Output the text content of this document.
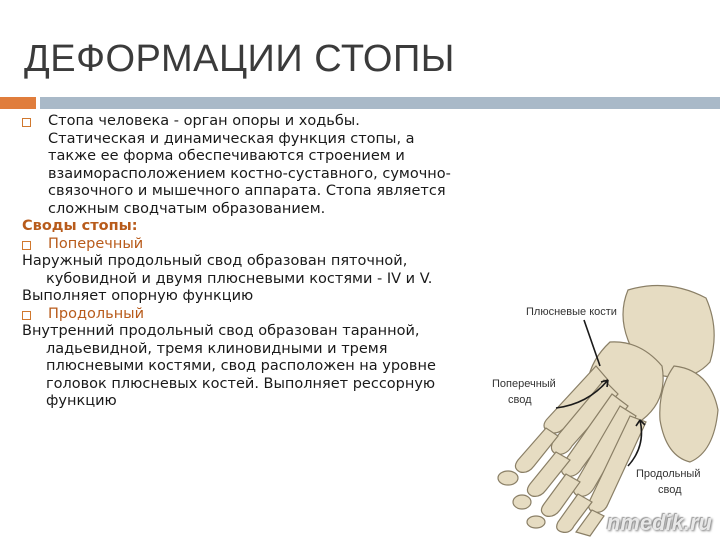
ДЕФОРМАЦИИ СТОПЫ

Стопа человека - орган опоры и ходьбы. Статическая и динамическая функция стопы, а также ее форма обеспечиваются строением и взаиморасположением костно-суставного, сумочно-связочного и мышечного аппарата. Стопа является сложным сводчатым образованием.

Своды стопы:

Поперечный

Наружный продольный свод образован пяточной, кубовидной и двумя плюсневыми костями - IV и V.

Выполняет опорную функцию

Продольный

Внутренний продольный свод образован таранной, ладьевидной, тремя клиновидными и тремя плюсневыми костями, свод расположен на уровне головок плюсневых костей. Выполняет рессорную функцию

Плюсневые кости
Поперечный
свод
Продольный
свод
nmedik.ru
